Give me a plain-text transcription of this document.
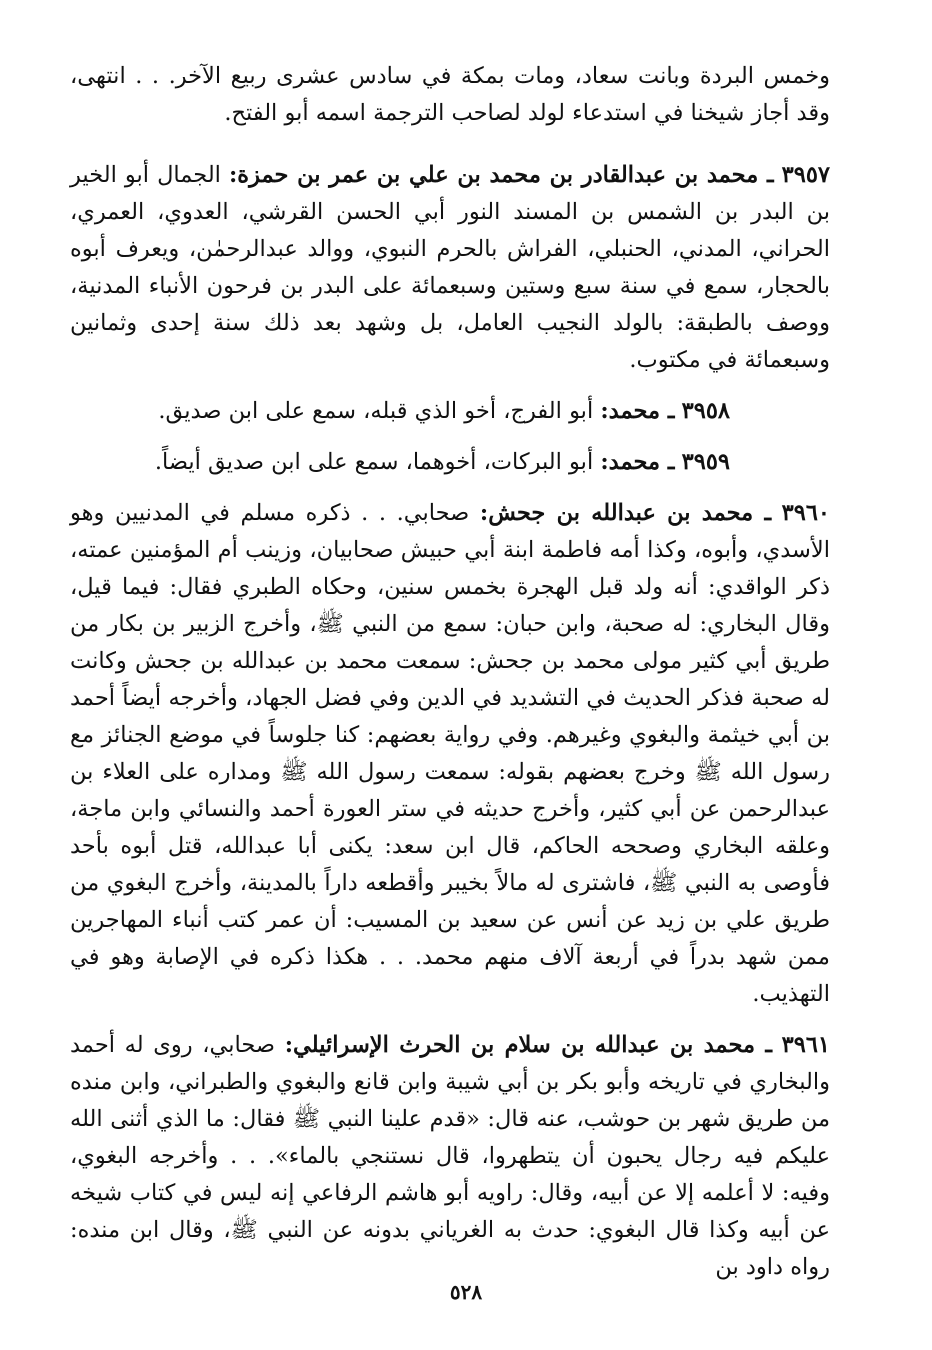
وخمس البردة وبانت سعاد، ومات بمكة في سادس عشرى ربيع الآخر. . . انتهى، وقد أجاز شيخنا في استدعاء لولد لصاحب الترجمة اسمه أبو الفتح.

٣٩٥٧ ـ محمد بن عبدالقادر بن محمد بن علي بن عمر بن حمزة: الجمال أبو الخير بن البدر بن الشمس بن المسند النور أبي الحسن القرشي، العدوي، العمري، الحراني، المدني، الحنبلي، الفراش بالحرم النبوي، ووالد عبدالرحمٰن، ويعرف أبوه بالحجار، سمع في سنة سبع وستين وسبعمائة على البدر بن فرحون الأنباء المدنية، ووصف بالطبقة: بالولد النجيب العامل، بل وشهد بعد ذلك سنة إحدى وثمانين وسبعمائة في مكتوب.

٣٩٥٨ ـ محمد: أبو الفرج، أخو الذي قبله، سمع على ابن صديق.

٣٩٥٩ ـ محمد: أبو البركات، أخوهما، سمع على ابن صديق أيضاً.

٣٩٦٠ ـ محمد بن عبدالله بن جحش: صحابي. . . ذكره مسلم في المدنيين وهو الأسدي، وأبوه، وكذا أمه فاطمة ابنة أبي حبيش صحابيان، وزينب أم المؤمنين عمته، ذكر الواقدي: أنه ولد قبل الهجرة بخمس سنين، وحكاه الطبري فقال: فيما قيل، وقال البخاري: له صحبة، وابن حبان: سمع من النبي ﷺ، وأخرج الزبير بن بكار من طريق أبي كثير مولى محمد بن جحش: سمعت محمد بن عبدالله بن جحش وكانت له صحبة فذكر الحديث في التشديد في الدين وفي فضل الجهاد، وأخرجه أيضاً أحمد بن أبي خيثمة والبغوي وغيرهم. وفي رواية بعضهم: كنا جلوساً في موضع الجنائز مع رسول الله ﷺ وخرج بعضهم بقوله: سمعت رسول الله ﷺ ومداره على العلاء بن عبدالرحمن عن أبي كثير، وأخرج حديثه في ستر العورة أحمد والنسائي وابن ماجة، وعلقه البخاري وصححه الحاكم، قال ابن سعد: يكنى أبا عبدالله، قتل أبوه بأحد فأوصى به النبي ﷺ، فاشترى له مالاً بخيبر وأقطعه داراً بالمدينة، وأخرج البغوي من طريق علي بن زيد عن أنس عن سعيد بن المسيب: أن عمر كتب أنباء المهاجرين ممن شهد بدراً في أربعة آلاف منهم محمد. . . هكذا ذكره في الإصابة وهو في التهذيب.

٣٩٦١ ـ محمد بن عبدالله بن سلام بن الحرث الإسرائيلي: صحابي، روى له أحمد والبخاري في تاريخه وأبو بكر بن أبي شيبة وابن قانع والبغوي والطبراني، وابن منده من طريق شهر بن حوشب، عنه قال: «قدم علينا النبي ﷺ فقال: ما الذي أثنى الله عليكم فيه رجال يحبون أن يتطهروا، قال نستنجي بالماء». . . وأخرجه البغوي، وفيه: لا أعلمه إلا عن أبيه، وقال: راويه أبو هاشم الرفاعي إنه ليس في كتاب شيخه عن أبيه وكذا قال البغوي: حدث به الغرياني بدونه عن النبي ﷺ، وقال ابن منده: رواه داود بن

٥٢٨
